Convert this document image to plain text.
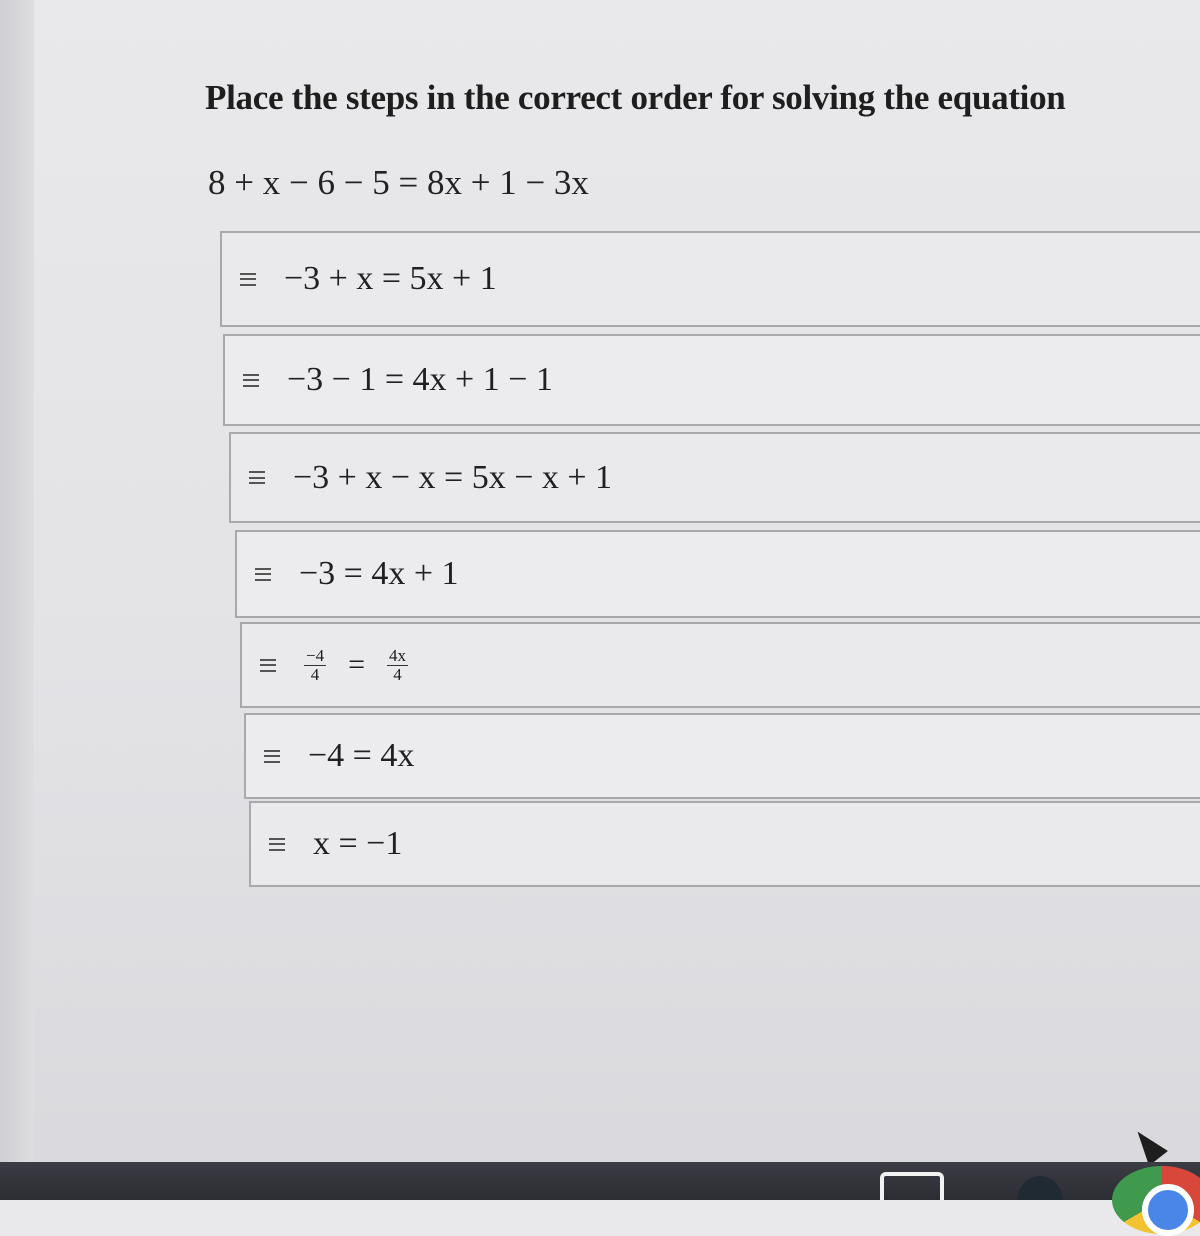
Place the steps in the correct order for solving the equation
8 + x − 6 − 5 = 8x + 1 − 3x
−3 + x = 5x + 1
−3 − 1 = 4x + 1 − 1
−3 + x − x = 5x − x + 1
−3 = 4x + 1
$\frac{-4}{4} = \frac{4x}{4}$
−4 = 4x
x = −1
